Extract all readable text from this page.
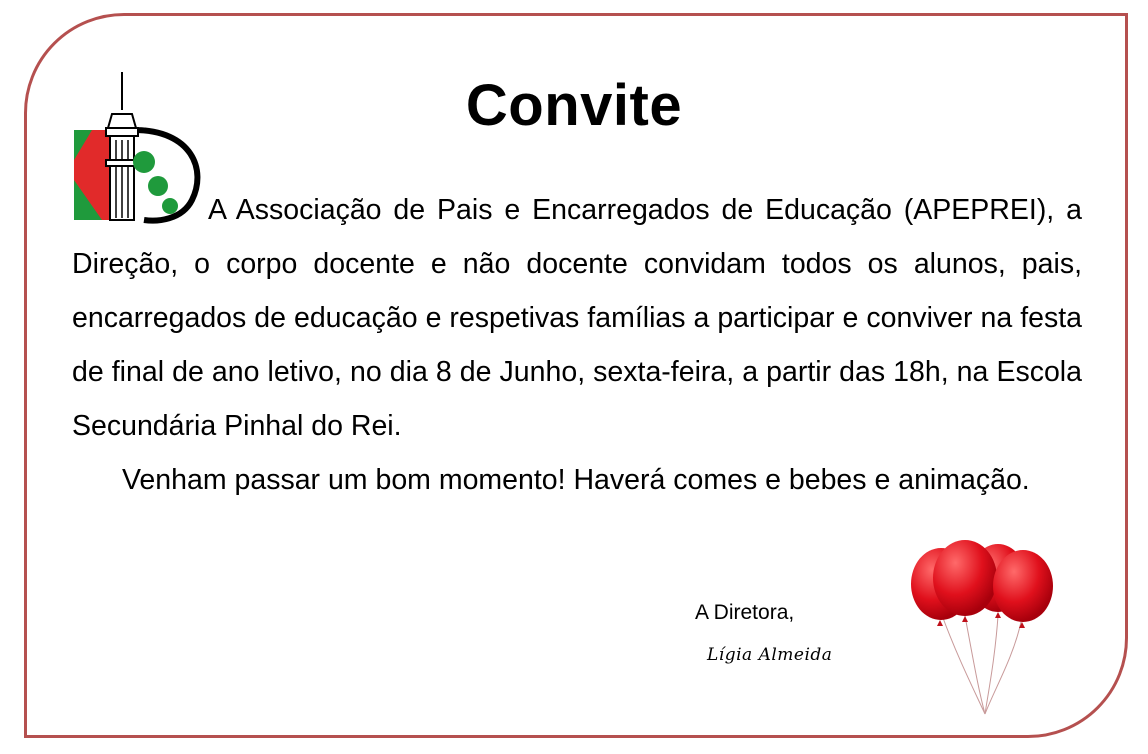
Convite

A Associação de Pais e Encarregados de Educação (APEPREI), a Direção, o corpo docente e não docente convidam todos os alunos, pais, encarregados de educação e respetivas famílias a participar e conviver na festa de final de ano letivo, no dia 8 de Junho, sexta-feira, a partir das 18h, na Escola Secundária Pinhal do Rei.

Venham passar um bom momento! Haverá comes e bebes e animação.

A Diretora,
Lígia Almeida
